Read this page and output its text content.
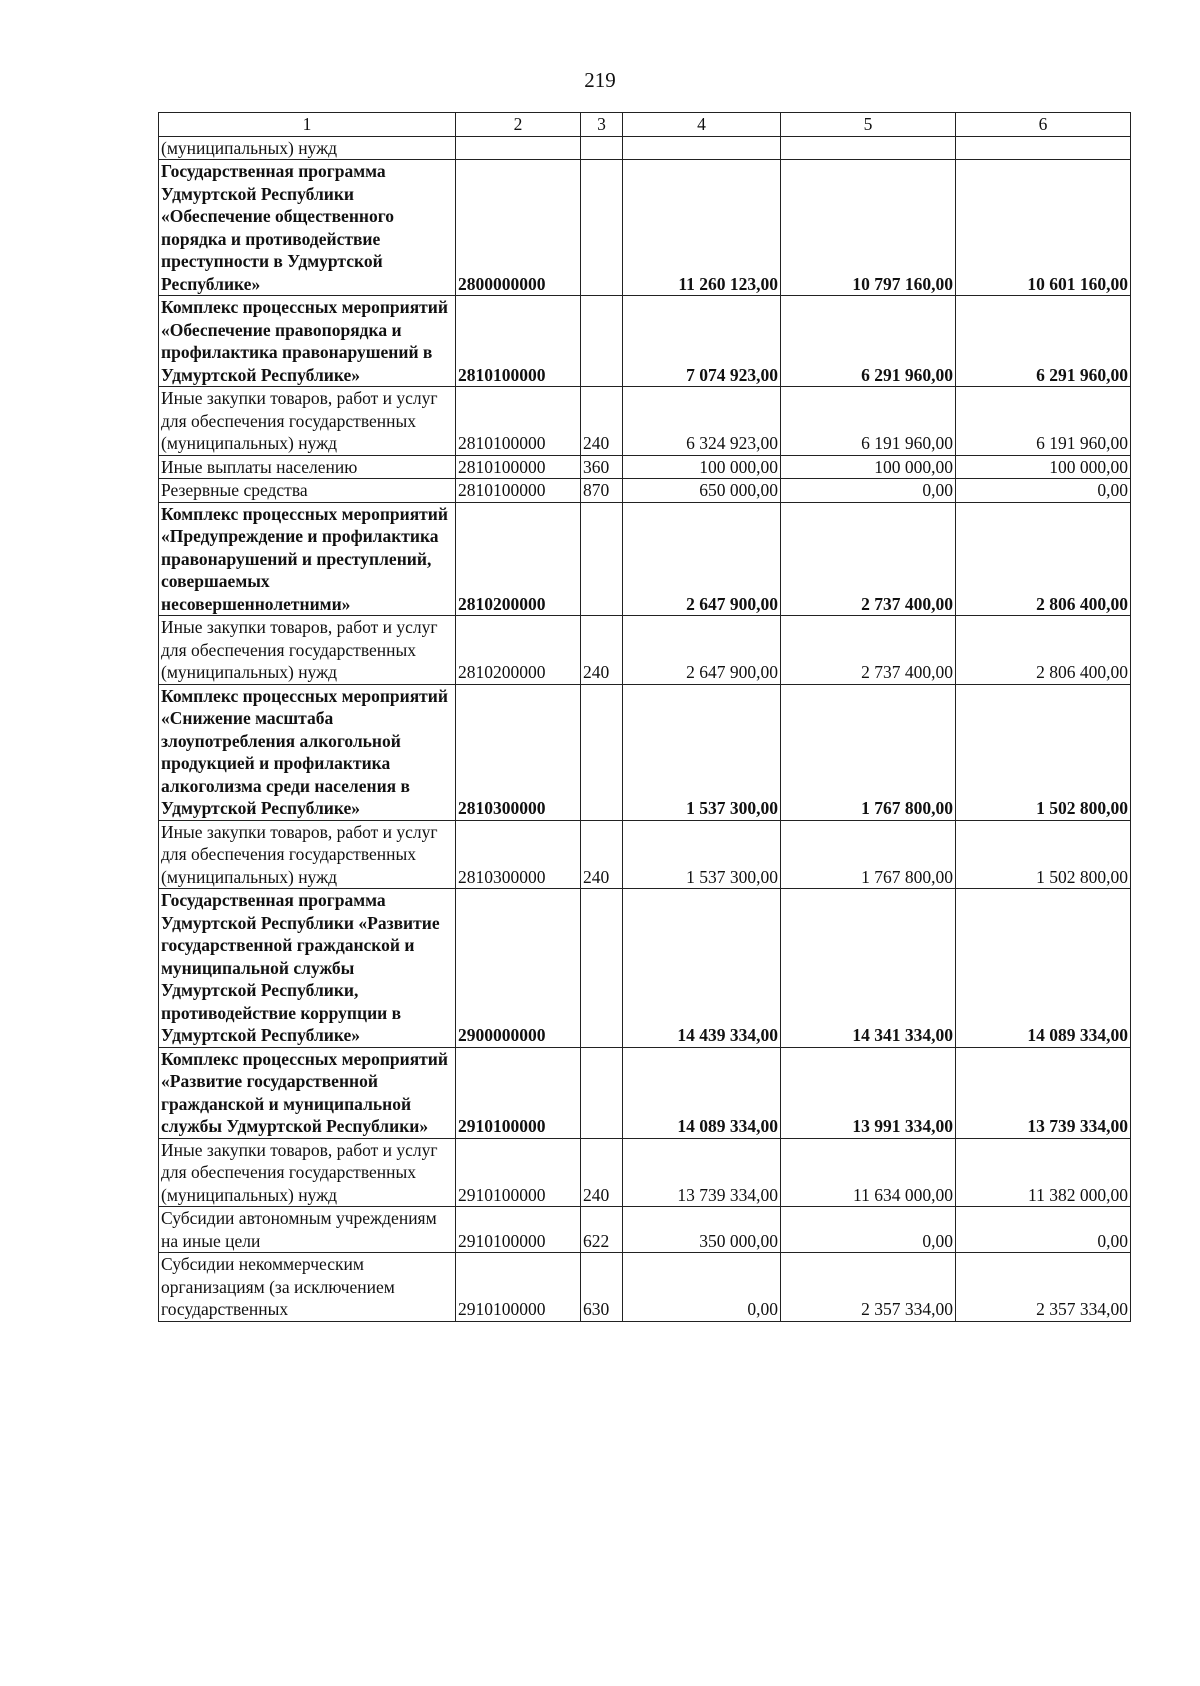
219
1	2	3	4	5	6
(муниципальных) нужд					
Государственная программа Удмуртской Республики «Обеспечение общественного порядка и противодействие преступности в Удмуртской Республике»	2800000000		11 260 123,00	10 797 160,00	10 601 160,00
Комплекс процессных мероприятий «Обеспечение правопорядка и профилактика правонарушений в Удмуртской Республике»	2810100000		7 074 923,00	6 291 960,00	6 291 960,00
Иные закупки товаров, работ и услуг для обеспечения государственных (муниципальных) нужд	2810100000	240	6 324 923,00	6 191 960,00	6 191 960,00
Иные выплаты населению	2810100000	360	100 000,00	100 000,00	100 000,00
Резервные средства	2810100000	870	650 000,00	0,00	0,00
Комплекс процессных мероприятий «Предупреждение и профилактика правонарушений и преступлений, совершаемых несовершеннолетними»	2810200000		2 647 900,00	2 737 400,00	2 806 400,00
Иные закупки товаров, работ и услуг для обеспечения государственных (муниципальных) нужд	2810200000	240	2 647 900,00	2 737 400,00	2 806 400,00
Комплекс процессных мероприятий «Снижение масштаба злоупотребления алкогольной продукцией и профилактика алкоголизма среди населения в Удмуртской Республике»	2810300000		1 537 300,00	1 767 800,00	1 502 800,00
Иные закупки товаров, работ и услуг для обеспечения государственных (муниципальных) нужд	2810300000	240	1 537 300,00	1 767 800,00	1 502 800,00
Государственная программа Удмуртской Республики «Развитие государственной гражданской и муниципальной службы Удмуртской Республики, противодействие коррупции в Удмуртской Республике»	2900000000		14 439 334,00	14 341 334,00	14 089 334,00
Комплекс процессных мероприятий «Развитие государственной гражданской и муниципальной службы Удмуртской Республики»	2910100000		14 089 334,00	13 991 334,00	13 739 334,00
Иные закупки товаров, работ и услуг для обеспечения государственных (муниципальных) нужд	2910100000	240	13 739 334,00	11 634 000,00	11 382 000,00
Субсидии автономным учреждениям на иные цели	2910100000	622	350 000,00	0,00	0,00
Субсидии некоммерческим организациям (за исключением государственных	2910100000	630	0,00	2 357 334,00	2 357 334,00
